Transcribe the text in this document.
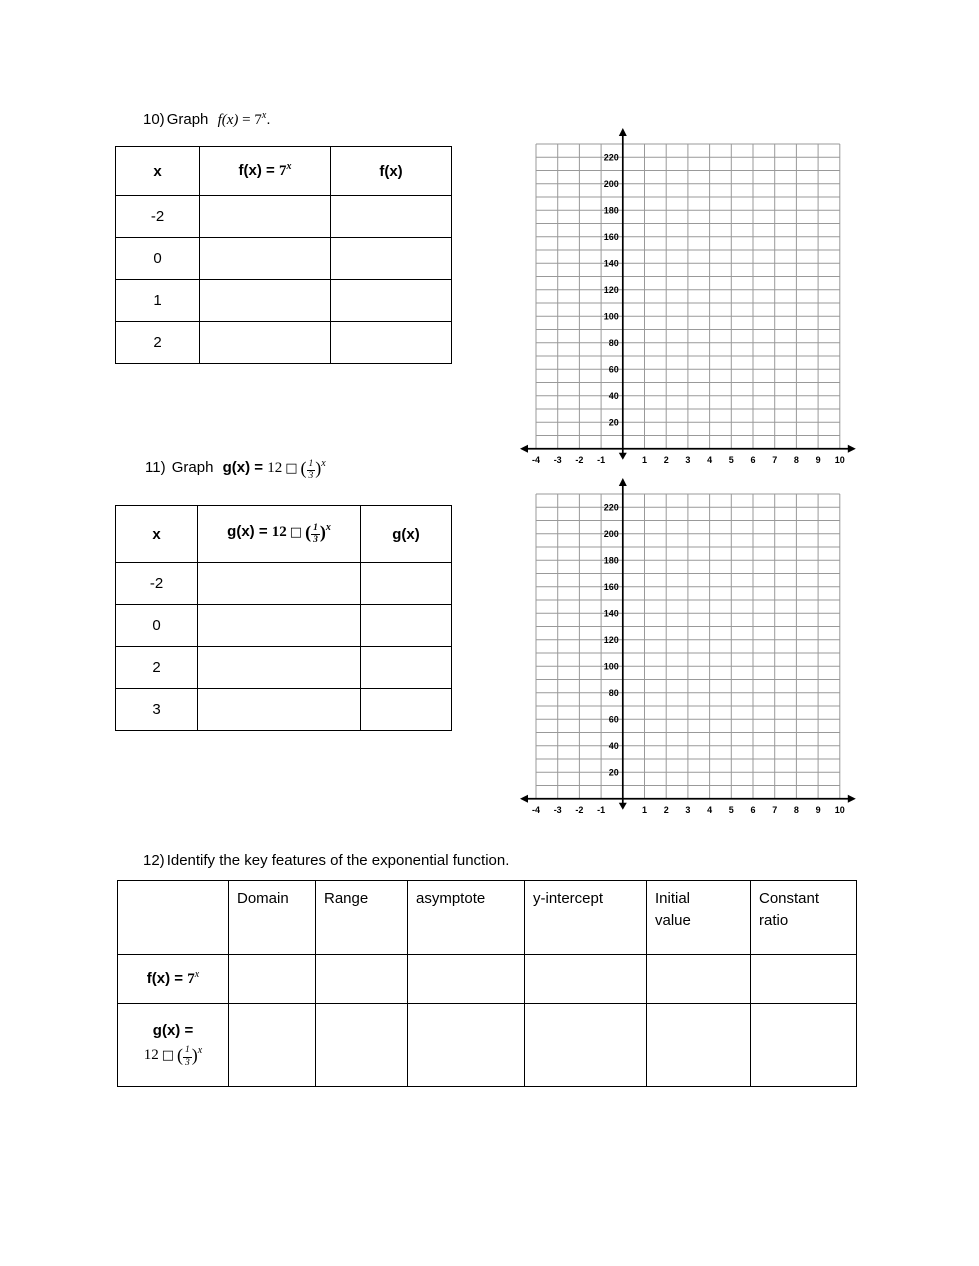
10) Graph $f(x) = 7^x$.
x	$f(x) = 7^x$	f(x)
-2		
0		
1		
2		
220
200
180
160
140
120
100
80
60
40
20
-4 -3 -2 -1	1 2 3 4 5 6 7 8 9 10
11) Graph g(x) = 12 □ ( $\frac{1}{3} )^x$
x	g(x) = 12 □ ( $\frac{1}{3} )^x$	g(x)
-2		
0		
2		
3		
220
200
180
160
140
120
100
80
60
40
20
-4 -3 -2 -1	1 2 3 4 5 6 7 8 9 10
12) Identify the key features of the exponential function.
	Domain	Range	asymptote	y-intercept	Initial value	Constant ratio
$f(x) = 7^x$						

g(x) =
12 □ ( $\frac{1}{3} )^x$
